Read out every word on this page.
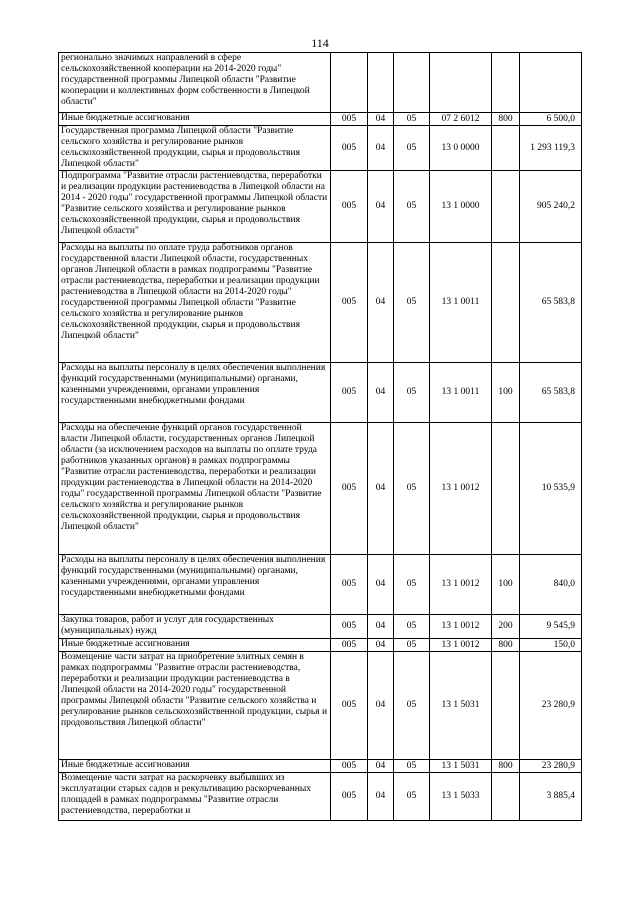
114
регионально значимых направлений в сфере сельскохозяйственной кооперации на 2014-2020 годы" государственной программы Липецкой области "Развитие кооперации и коллективных форм собственности в Липецкой области"						
Иные бюджетные ассигнования	005	04	05	07 2 6012	800	6 500,0
Государственная программа Липецкой области "Развитие сельского хозяйства и регулирование рынков сельскохозяйственной продукции, сырья и продовольствия Липецкой области"	005	04	05	13 0 0000		1 293 119,3
Подпрограмма "Развитие отрасли растениеводства, переработки и реализации продукции растениеводства в Липецкой области на 2014 - 2020 годы" государственной программы Липецкой области "Развитие сельского хозяйства и регулирование рынков сельскохозяйственной продукции, сырья и продовольствия Липецкой области"	005	04	05	13 1 0000		905 240,2
Расходы на выплаты по оплате труда работников органов государственной власти Липецкой области, государственных органов Липецкой области в рамках подпрограммы "Развитие отрасли растениеводства, переработки и реализации продукции растениеводства в Липецкой области на 2014-2020 годы" государственной программы Липецкой области "Развитие сельского хозяйства и регулирование рынков сельскохозяйственной продукции, сырья и продовольствия Липецкой области"	005	04	05	13 1 0011		65 583,8
Расходы на выплаты персоналу в целях обеспечения выполнения функций государственными (муниципальными) органами, казенными учреждениями, органами управления государственными внебюджетными фондами	005	04	05	13 1 0011	100	65 583,8
Расходы на обеспечение функций органов государственной власти Липецкой области, государственных органов Липецкой области (за исключением расходов на выплаты по оплате труда работников указанных органов) в рамках подпрограммы "Развитие отрасли растениеводства, переработки и реализации продукции растениеводства в Липецкой области на 2014-2020 годы" государственной программы Липецкой области "Развитие сельского хозяйства и регулирование рынков сельскохозяйственной продукции, сырья и продовольствия Липецкой области"	005	04	05	13 1 0012		10 535,9
Расходы на выплаты персоналу в целях обеспечения выполнения функций государственными (муниципальными) органами, казенными учреждениями, органами управления государственными внебюджетными фондами	005	04	05	13 1 0012	100	840,0
Закупка товаров, работ и услуг для государственных (муниципальных) нужд	005	04	05	13 1 0012	200	9 545,9
Иные бюджетные ассигнования	005	04	05	13 1 0012	800	150,0
Возмещение части затрат на приобретение элитных семян в рамках подпрограммы "Развитие отрасли растениеводства, переработки и реализации продукции растениеводства в Липецкой области на 2014-2020 годы" государственной программы Липецкой области "Развитие сельского хозяйства и регулирование рынков сельскохозяйственной продукции, сырья и продовольствия Липецкой области"	005	04	05	13 1 5031		23 280,9
Иные бюджетные ассигнования	005	04	05	13 1 5031	800	23 280,9
Возмещение части затрат на раскорчевку выбывших из эксплуатации старых садов и рекультивацию раскорчеванных площадей в рамках подпрограммы "Развитие отрасли растениеводства, переработки и	005	04	05	13 1 5033		3 885,4
